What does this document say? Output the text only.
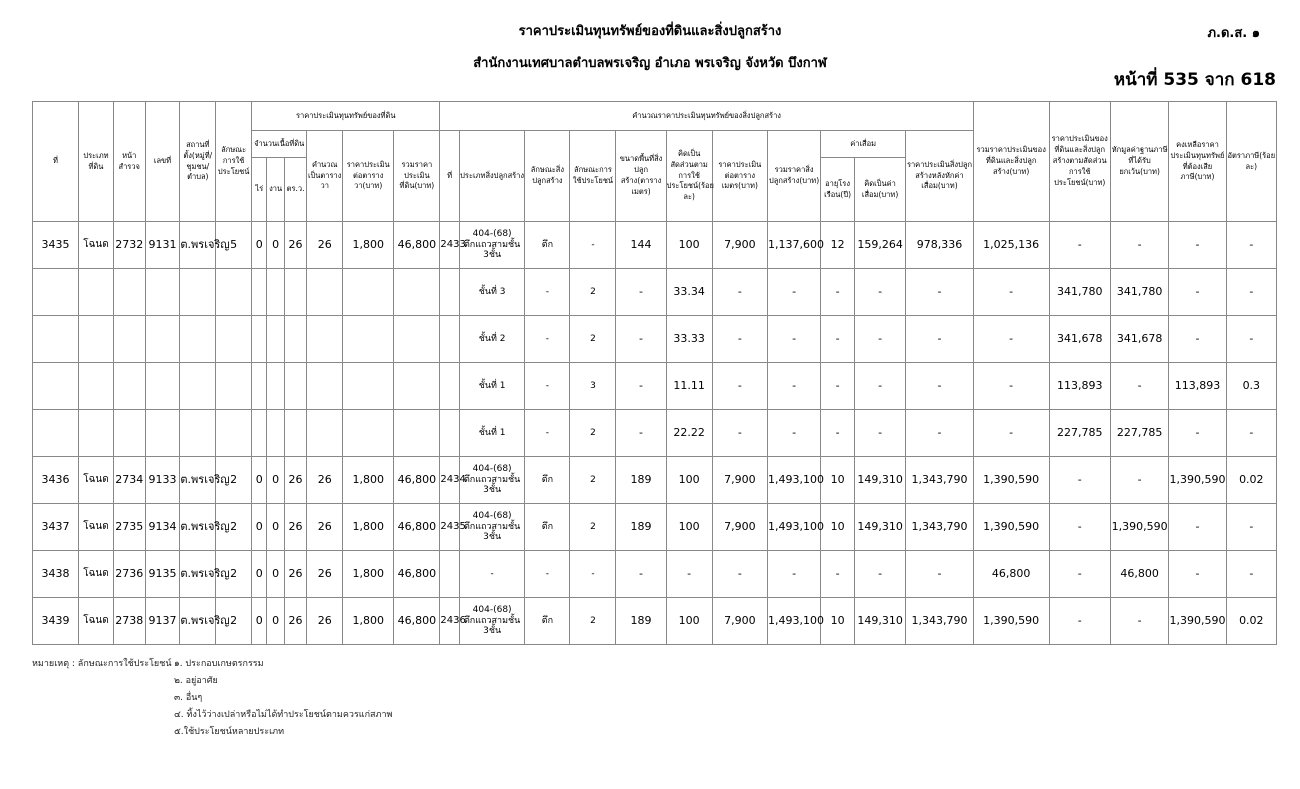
ราคาประเมินทุนทรัพย์ของที่ดินและสิ่งปลูกสร้าง
สำนักงานเทศบาลตำบลพรเจริญ อำเภอ พรเจริญ จังหวัด บึงกาฬ
ภ.ด.ส. ๑
หน้าที่ 535 จาก 618
ที่	ประเภทที่ดิน	หน้าสำรวจ	เลขที่	สถานที่ตั้ง(หมู่ที่/ชุมชน/ตำบล)	ลักษณะการใช้ประโยชน์	ราคาประเมินทุนทรัพย์ของที่ดิน						คำนวณราคาประเมินทุนทรัพย์ของสิ่งปลูกสร้าง											รวมราคาประเมินของที่ดินและสิ่งปลูกสร้าง(บาท)	ราคาประเมินของที่ดินและสิ่งปลูกสร้างตามสัดส่วนการใช้ประโยชน์(บาท)	หักมูลค่าฐานภาษีที่ได้รับยกเว้น(บาท)	คงเหลือราคาประเมินทุนทรัพย์ที่ต้องเสียภาษี(บาท)	อัตราภาษี(ร้อยละ)
						จำนวนเนื้อที่ดิน			คำนวณเป็นตารางวา	ราคาประเมินต่อตารางวา(บาท)	รวมราคาประเมินที่ดิน(บาท)	ที่	ประเภทสิ่งปลูกสร้าง	ลักษณะสิ่งปลูกสร้าง	ลักษณะการใช้ประโยชน์	ขนาดพื้นที่สิ่งปลูกสร้าง(ตารางเมตร)	คิดเป็นสัดส่วนตามการใช้ประโยชน์(ร้อยละ)	ราคาประเมินต่อตารางเมตร(บาท)	รวมราคาสิ่งปลูกสร้าง(บาท)	ค่าเสื่อม		ราคาประเมินสิ่งปลูกสร้างหลังหักค่าเสื่อม(บาท)					
						ไร่	งาน	ตร.ว.												อายุโรงเรือน(ปี)	คิดเป็นค่าเสื่อม(บาท)						
3435	โฉนด	2732	9131	ต.พรเจริญ	5	0	0	26	26	1,800	46,800	2433	404-(68) ตึกแถวสามชั้น 3ชั้น	ตึก	-	144	100	7,900	1,137,600	12	159,264	978,336	1,025,136	-	-	-	-
													ชั้นที่ 3	-	2	-	33.34	-	-	-	-	-	-	341,780	341,780	-	-
													ชั้นที่ 2	-	2	-	33.33	-	-	-	-	-	-	341,678	341,678	-	-
													ชั้นที่ 1	-	3	-	11.11	-	-	-	-	-	-	113,893	-	113,893	0.3
													ชั้นที่ 1	-	2	-	22.22	-	-	-	-	-	-	227,785	227,785	-	-
3436	โฉนด	2734	9133	ต.พรเจริญ	2	0	0	26	26	1,800	46,800	2434	404-(68) ตึกแถวสามชั้น 3ชั้น	ตึก	2	189	100	7,900	1,493,100	10	149,310	1,343,790	1,390,590	-	-	1,390,590	0.02
3437	โฉนด	2735	9134	ต.พรเจริญ	2	0	0	26	26	1,800	46,800	2435	404-(68) ตึกแถวสามชั้น 3ชั้น	ตึก	2	189	100	7,900	1,493,100	10	149,310	1,343,790	1,390,590	-	1,390,590	-	-
3438	โฉนด	2736	9135	ต.พรเจริญ	2	0	0	26	26	1,800	46,800		-	-	-	-	-	-	-	-	-	-	46,800	-	46,800	-	-
3439	โฉนด	2738	9137	ต.พรเจริญ	2	0	0	26	26	1,800	46,800	2436	404-(68) ตึกแถวสามชั้น 3ชั้น	ตึก	2	189	100	7,900	1,493,100	10	149,310	1,343,790	1,390,590	-	-	1,390,590	0.02
หมายเหตุ : ลักษณะการใช้ประโยชน์ ๑. ประกอบเกษตรกรรม
๒. อยู่อาศัย
๓. อื่นๆ
๔. ทิ้งไว้ว่างเปล่าหรือไม่ได้ทำประโยชน์ตามควรแก่สภาพ
๕.ใช้ประโยชน์หลายประเภท
